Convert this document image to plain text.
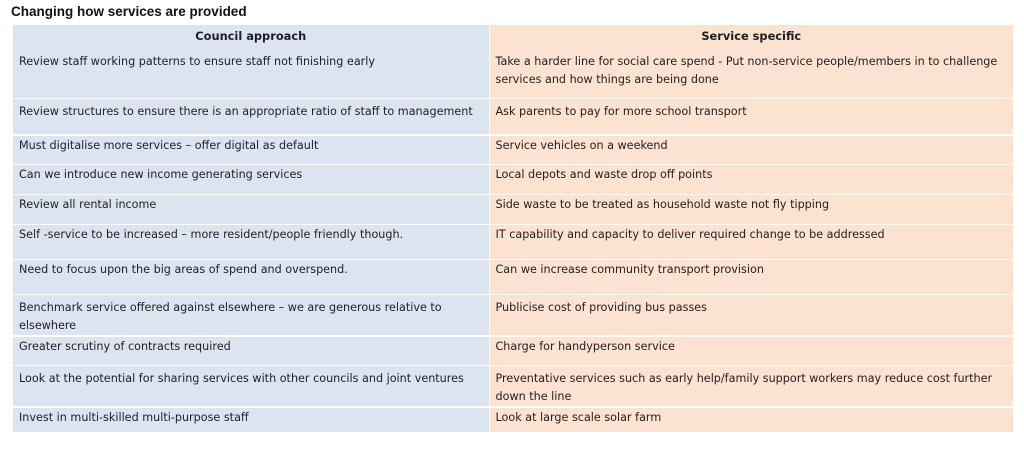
Changing how services are provided
Council approach	Service specific
Review staff working patterns to ensure staff not finishing early	Take a harder line for social care spend - Put non-service people/members in to challenge services and how things are being done
Review structures to ensure there is an appropriate ratio of staff to management	Ask parents to pay for more school transport
Must digitalise more services – offer digital as default	Service vehicles on a weekend
Can we introduce new income generating services	Local depots and waste drop off points
Review all rental income	Side waste to be treated as household waste not fly tipping
Self -service to be increased – more resident/people friendly though.	IT capability and capacity to deliver required change to be addressed
Need to focus upon the big areas of spend and overspend.	Can we increase community transport provision
Benchmark service offered against elsewhere – we are generous relative to elsewhere	Publicise cost of providing bus passes
Greater scrutiny of contracts required	Charge for handyperson service
Look at the potential for sharing services with other councils and joint ventures	Preventative services such as early help/family support workers may reduce cost further down the line
Invest in multi-skilled multi-purpose staff	Look at large scale solar farm
